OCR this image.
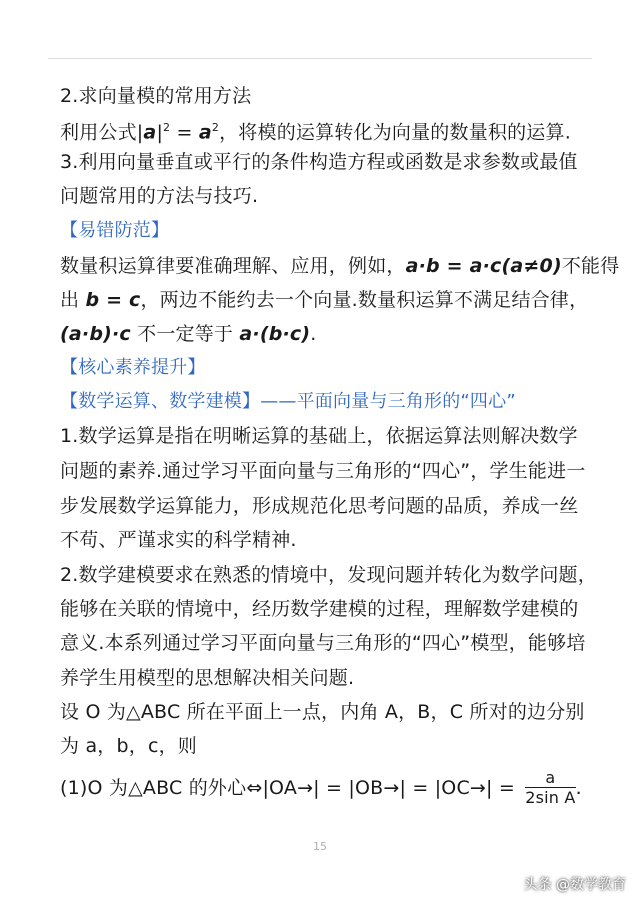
2.求向量模的常用方法
利用公式$|a|^2 = a^2$，将模的运算转化为向量的数量积的运算.
3.利用向量垂直或平行的条件构造方程或函数是求参数或最值
问题常用的方法与技巧.
【易错防范】
数量积运算律要准确理解、应用，例如，a·b = a·c(a≠0)不能得
出 b = c，两边不能约去一个向量.数量积运算不满足结合律，
(a·b)·c 不一定等于 a·(b·c).
【核心素养提升】
【数学运算、数学建模】——平面向量与三角形的“四心”
1.数学运算是指在明晰运算的基础上，依据运算法则解决数学
问题的素养.通过学习平面向量与三角形的“四心”，学生能进一
步发展数学运算能力，形成规范化思考问题的品质，养成一丝
不苟、严谨求实的科学精神.
2.数学建模要求在熟悉的情境中，发现问题并转化为数学问题，
能够在关联的情境中，经历数学建模的过程，理解数学建模的
意义.本系列通过学习平面向量与三角形的“四心”模型，能够培
养学生用模型的思想解决相关问题.
设 O 为△ABC 所在平面上一点，内角 A，B，C 所对的边分别
为 a，b，c，则
(1)O 为△ABC 的外心⇔|OA→| = $|OB\to| = |OC\to| = \frac{a}{\text{2sin A}}$ .
15
头条 @数学教育
